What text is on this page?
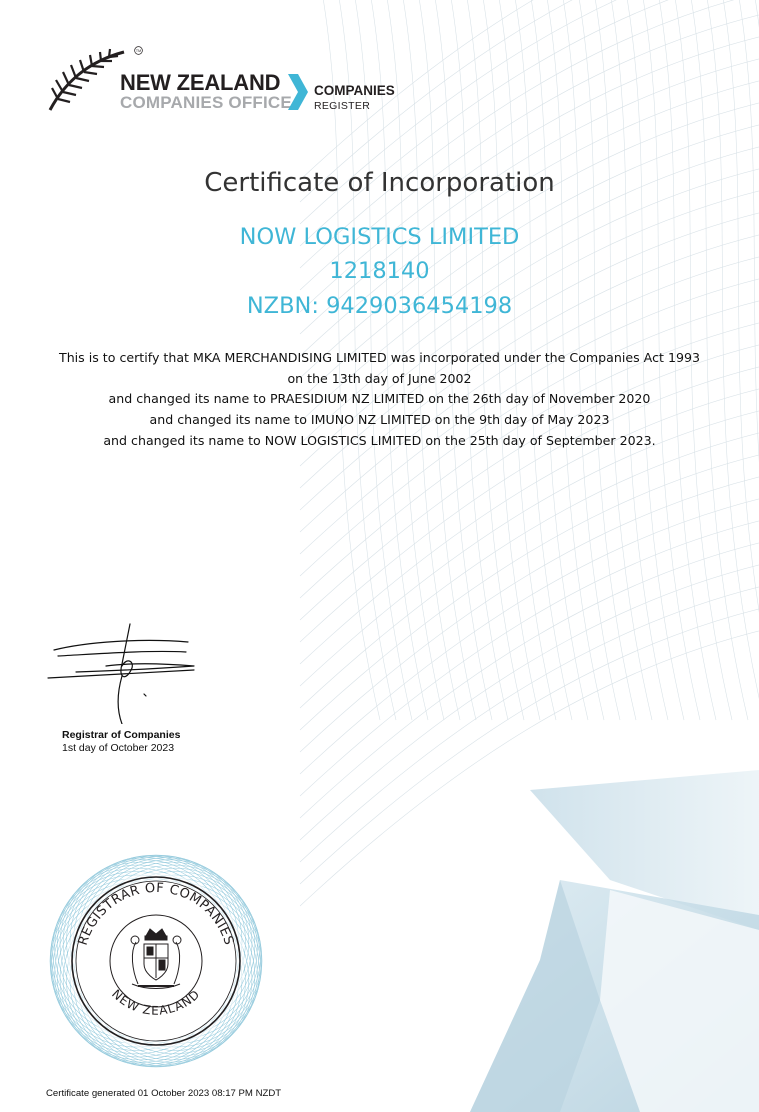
TM
NEW ZEALAND
COMPANIES OFFICE
COMPANIES
REGISTER
Certificate of Incorporation
NOW LOGISTICS LIMITED
1218140
NZBN: 9429036454198
This is to certify that MKA MERCHANDISING LIMITED was incorporated under the Companies Act 1993
on the 13th day of June 2002
and changed its name to PRAESIDIUM NZ LIMITED on the 26th day of November 2020
and changed its name to IMUNO NZ LIMITED on the 9th day of May 2023
and changed its name to NOW LOGISTICS LIMITED on the 25th day of September 2023.
Registrar of Companies
1st day of October 2023
REGISTRAR OF COMPANIES
NEW ZEALAND
Certificate generated 01 October 2023 08:17 PM NZDT
